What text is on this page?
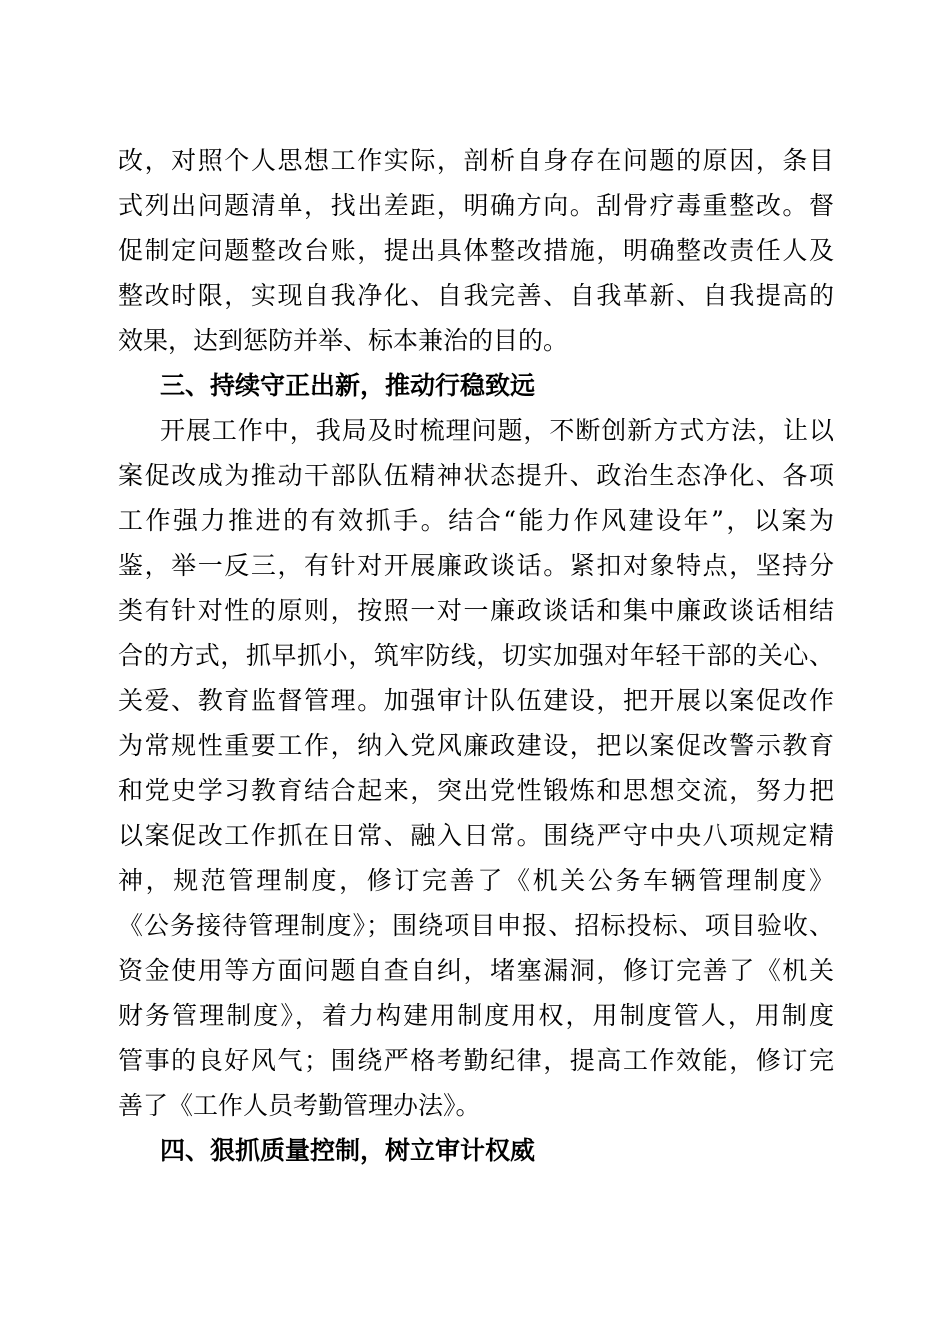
改，对照个人思想工作实际，剖析自身存在问题的原因，条目
式列出问题清单，找出差距，明确方向。刮骨疗毒重整改。督
促制定问题整改台账，提出具体整改措施，明确整改责任人及
整改时限，实现自我净化、自我完善、自我革新、自我提高的
效果，达到惩防并举、标本兼治的目的。
三、持续守正出新，推动行稳致远
开展工作中，我局及时梳理问题，不断创新方式方法，让以
案促改成为推动干部队伍精神状态提升、政治生态净化、各项
工作强力推进的有效抓手。结合“能力作风建设年”，以案为
鉴，举一反三，有针对开展廉政谈话。紧扣对象特点，坚持分
类有针对性的原则，按照一对一廉政谈话和集中廉政谈话相结
合的方式，抓早抓小，筑牢防线，切实加强对年轻干部的关心、
关爱、教育监督管理。加强审计队伍建设，把开展以案促改作
为常规性重要工作，纳入党风廉政建设，把以案促改警示教育
和党史学习教育结合起来，突出党性锻炼和思想交流，努力把
以案促改工作抓在日常、融入日常。围绕严守中央八项规定精
神，规范管理制度，修订完善了《机关公务车辆管理制度》
《公务接待管理制度》；围绕项目申报、招标投标、项目验收、
资金使用等方面问题自查自纠，堵塞漏洞，修订完善了《机关
财务管理制度》，着力构建用制度用权，用制度管人，用制度
管事的良好风气；围绕严格考勤纪律，提高工作效能，修订完
善了《工作人员考勤管理办法》。
四、狠抓质量控制，树立审计权威
